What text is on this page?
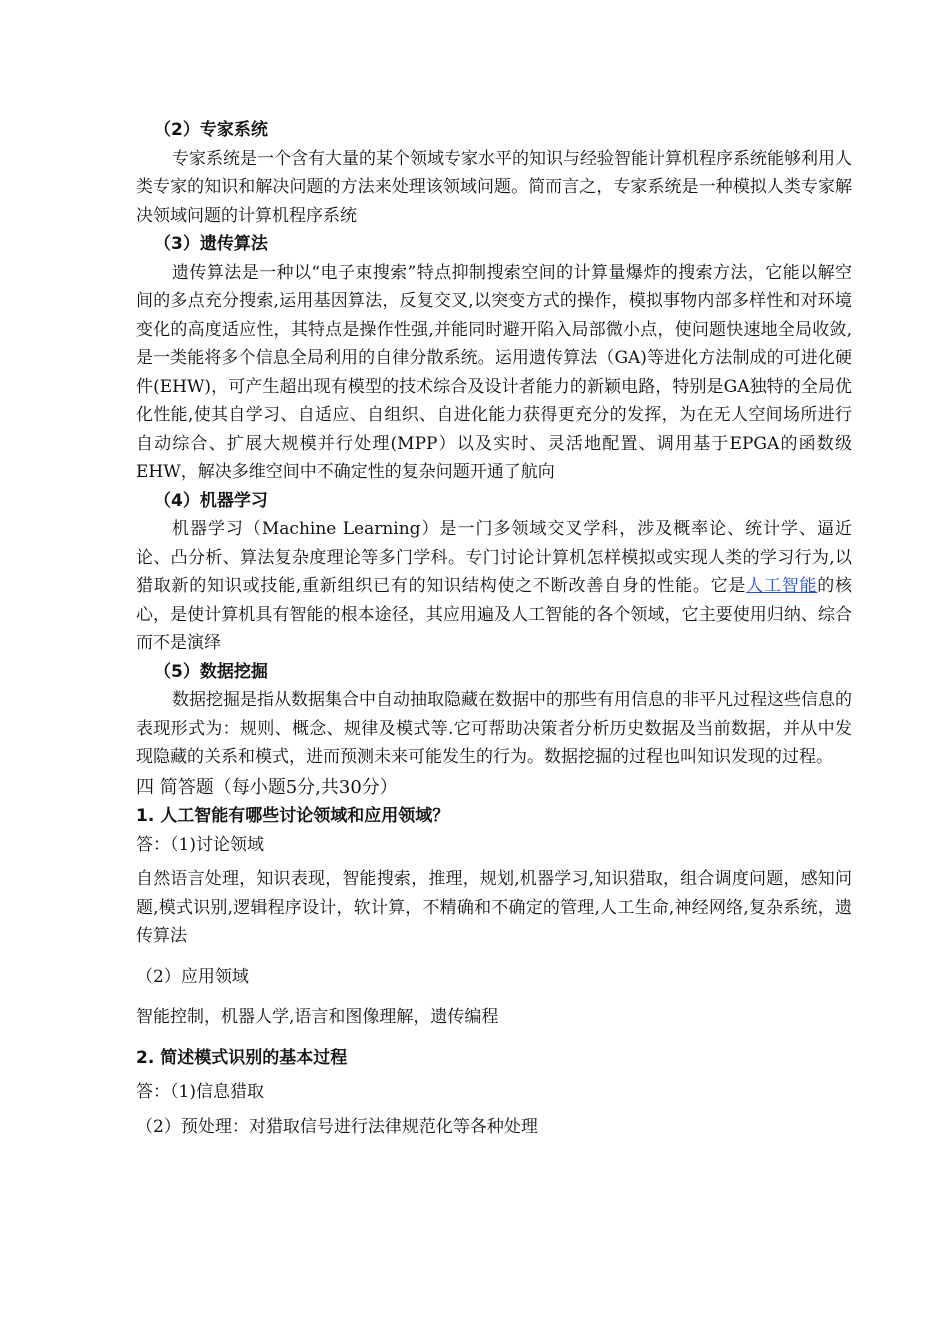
（2）专家系统

专家系统是一个含有大量的某个领域专家水平的知识与经验智能计算机程序系统能够利用人类专家的知识和解决问题的方法来处理该领域问题。简而言之，专家系统是一种模拟人类专家解决领域问题的计算机程序系统

（3）遗传算法

遗传算法是一种以“电子束搜索”特点抑制搜索空间的计算量爆炸的搜索方法，它能以解空间的多点充分搜索,运用基因算法，反复交叉,以突变方式的操作，模拟事物内部多样性和对环境变化的高度适应性，其特点是操作性强,并能同时避开陷入局部微小点，使问题快速地全局收敛,是一类能将多个信息全局利用的自律分散系统。运用遗传算法（GA)等进化方法制成的可进化硬件(EHW)，可产生超出现有模型的技术综合及设计者能力的新颖电路，特别是GA独特的全局优化性能,使其自学习、自适应、自组织、自进化能力获得更充分的发挥，为在无人空间场所进行自动综合、扩展大规模并行处理(MPP）以及实时、灵活地配置、调用基于EPGA的函数级EHW，解决多维空间中不确定性的复杂问题开通了航向

（4）机器学习

机器学习（Machine Learning）是一门多领域交叉学科，涉及概率论、统计学、逼近论、凸分析、算法复杂度理论等多门学科。专门讨论计算机怎样模拟或实现人类的学习行为,以猎取新的知识或技能,重新组织已有的知识结构使之不断改善自身的性能。它是人工智能的核心，是使计算机具有智能的根本途径，其应用遍及人工智能的各个领域，它主要使用归纳、综合而不是演绎

（5）数据挖掘

数据挖掘是指从数据集合中自动抽取隐藏在数据中的那些有用信息的非平凡过程这些信息的表现形式为：规则、概念、规律及模式等.它可帮助决策者分析历史数据及当前数据，并从中发现隐藏的关系和模式，进而预测未来可能发生的行为。数据挖掘的过程也叫知识发现的过程。

四 简答题（每小题5分,共30分）
1. 人工智能有哪些讨论领域和应用领域？
答：（1)讨论领域

自然语言处理，知识表现，智能搜索，推理，规划,机器学习,知识猎取，组合调度问题，感知问题,模式识别,逻辑程序设计，软计算，不精确和不确定的管理,人工生命,神经网络,复杂系统，遗传算法

（2）应用领域
智能控制，机器人学,语言和图像理解，遗传编程
2. 简述模式识别的基本过程
答：（1)信息猎取
（2）预处理：对猎取信号进行法律规范化等各种处理
